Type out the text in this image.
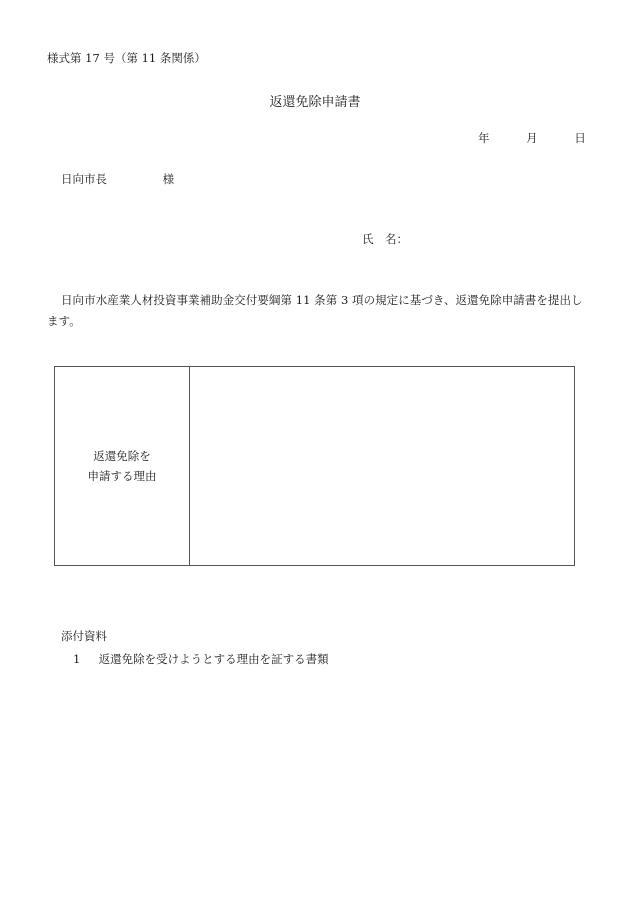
様式第 17 号（第 11 条関係）
返還免除申請書
年	月	日
日向市長	様
氏　名：
日向市水産業人材投資事業補助金交付要綱第 11 条第 3 項の規定に基づき、返還免除申請書を提出します。
返還免除を
申請する理由
添付資料
1 返還免除を受けようとする理由を証する書類
